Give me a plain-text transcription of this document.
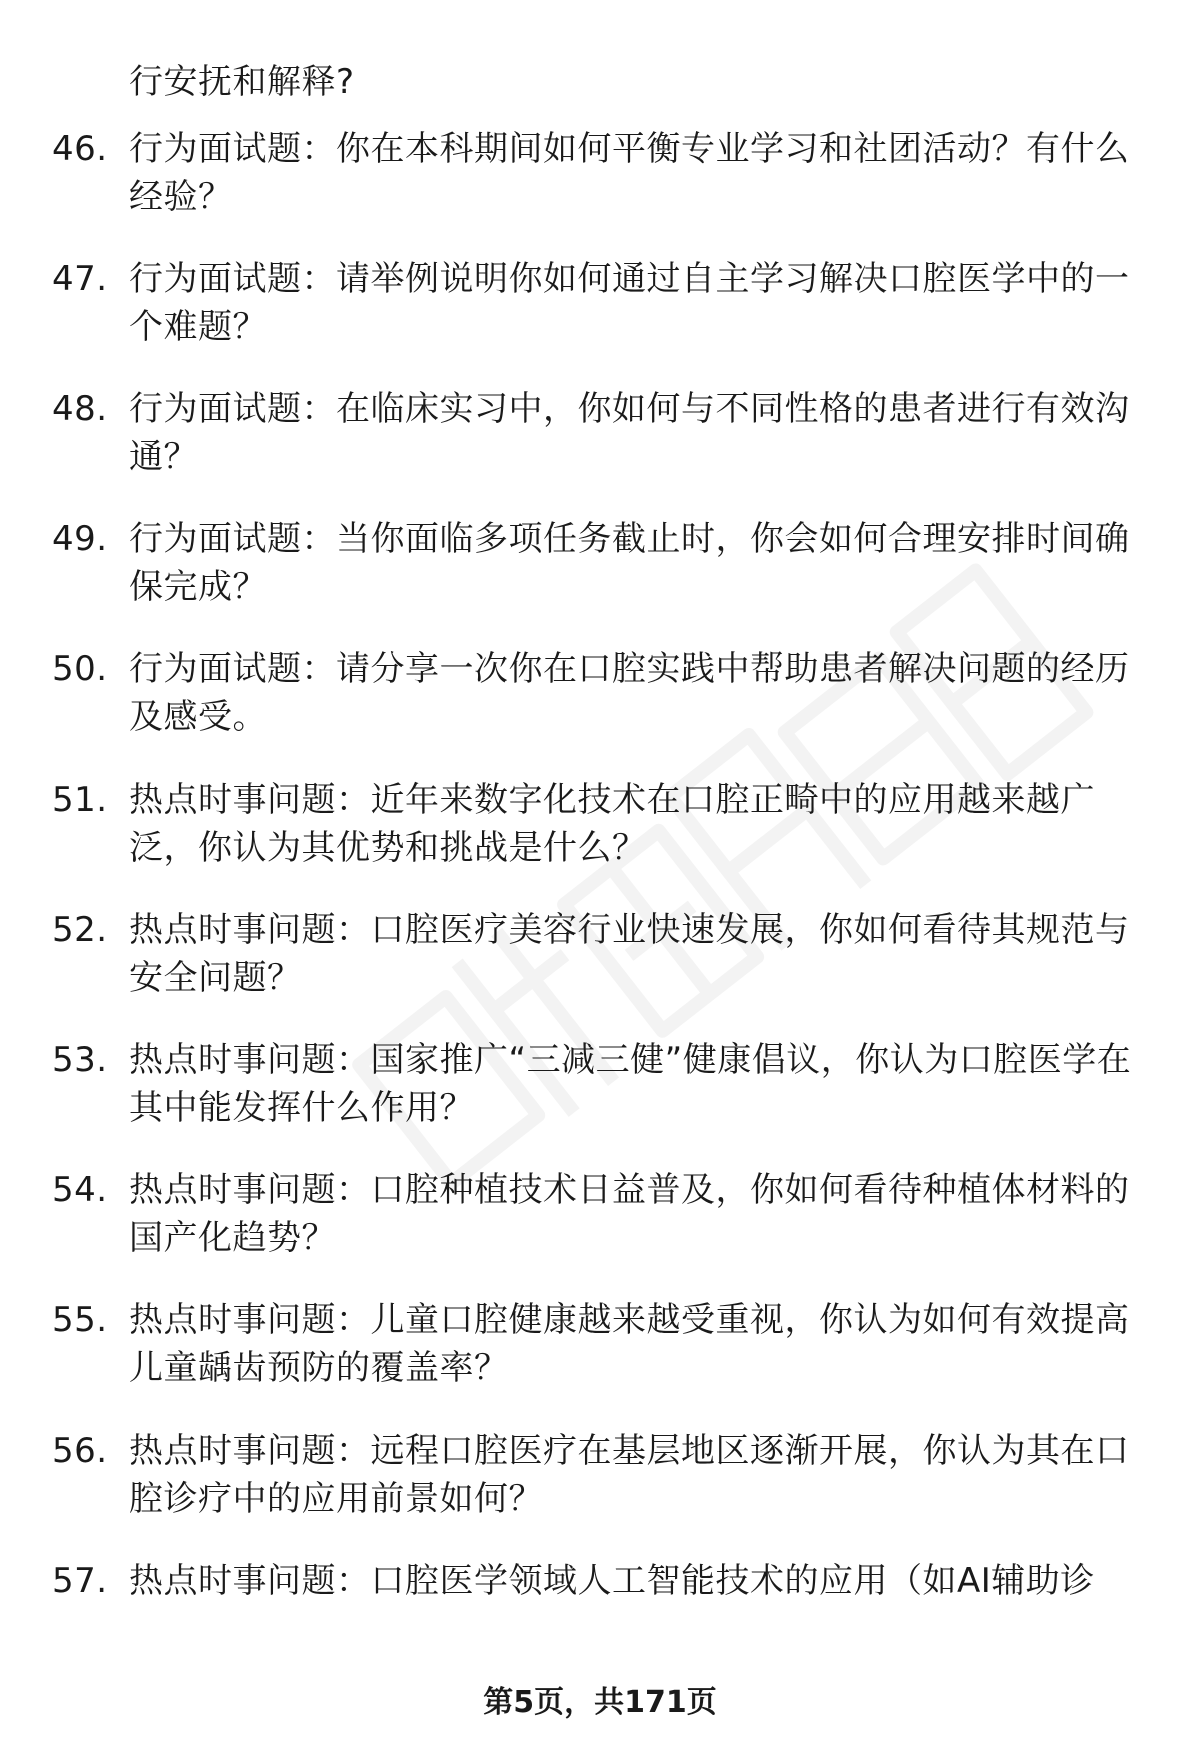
行安抚和解释?
46. 行为面试题：你在本科期间如何平衡专业学习和社团活动？有什么经验？
47. 行为面试题：请举例说明你如何通过自主学习解决口腔医学中的一个难题？
48. 行为面试题：在临床实习中，你如何与不同性格的患者进行有效沟通？
49. 行为面试题：当你面临多项任务截止时，你会如何合理安排时间确保完成？
50. 行为面试题：请分享一次你在口腔实践中帮助患者解决问题的经历及感受。
51. 热点时事问题：近年来数字化技术在口腔正畸中的应用越来越广泛，你认为其优势和挑战是什么？
52. 热点时事问题：口腔医疗美容行业快速发展，你如何看待其规范与安全问题？
53. 热点时事问题：国家推广“三减三健”健康倡议，你认为口腔医学在其中能发挥什么作用？
54. 热点时事问题：口腔种植技术日益普及，你如何看待种植体材料的国产化趋势？
55. 热点时事问题：儿童口腔健康越来越受重视，你认为如何有效提高儿童龋齿预防的覆盖率？
56. 热点时事问题：远程口腔医疗在基层地区逐渐开展，你认为其在口腔诊疗中的应用前景如何？
57. 热点时事问题：口腔医学领域人工智能技术的应用（如AI辅助诊
第5页，共171页
